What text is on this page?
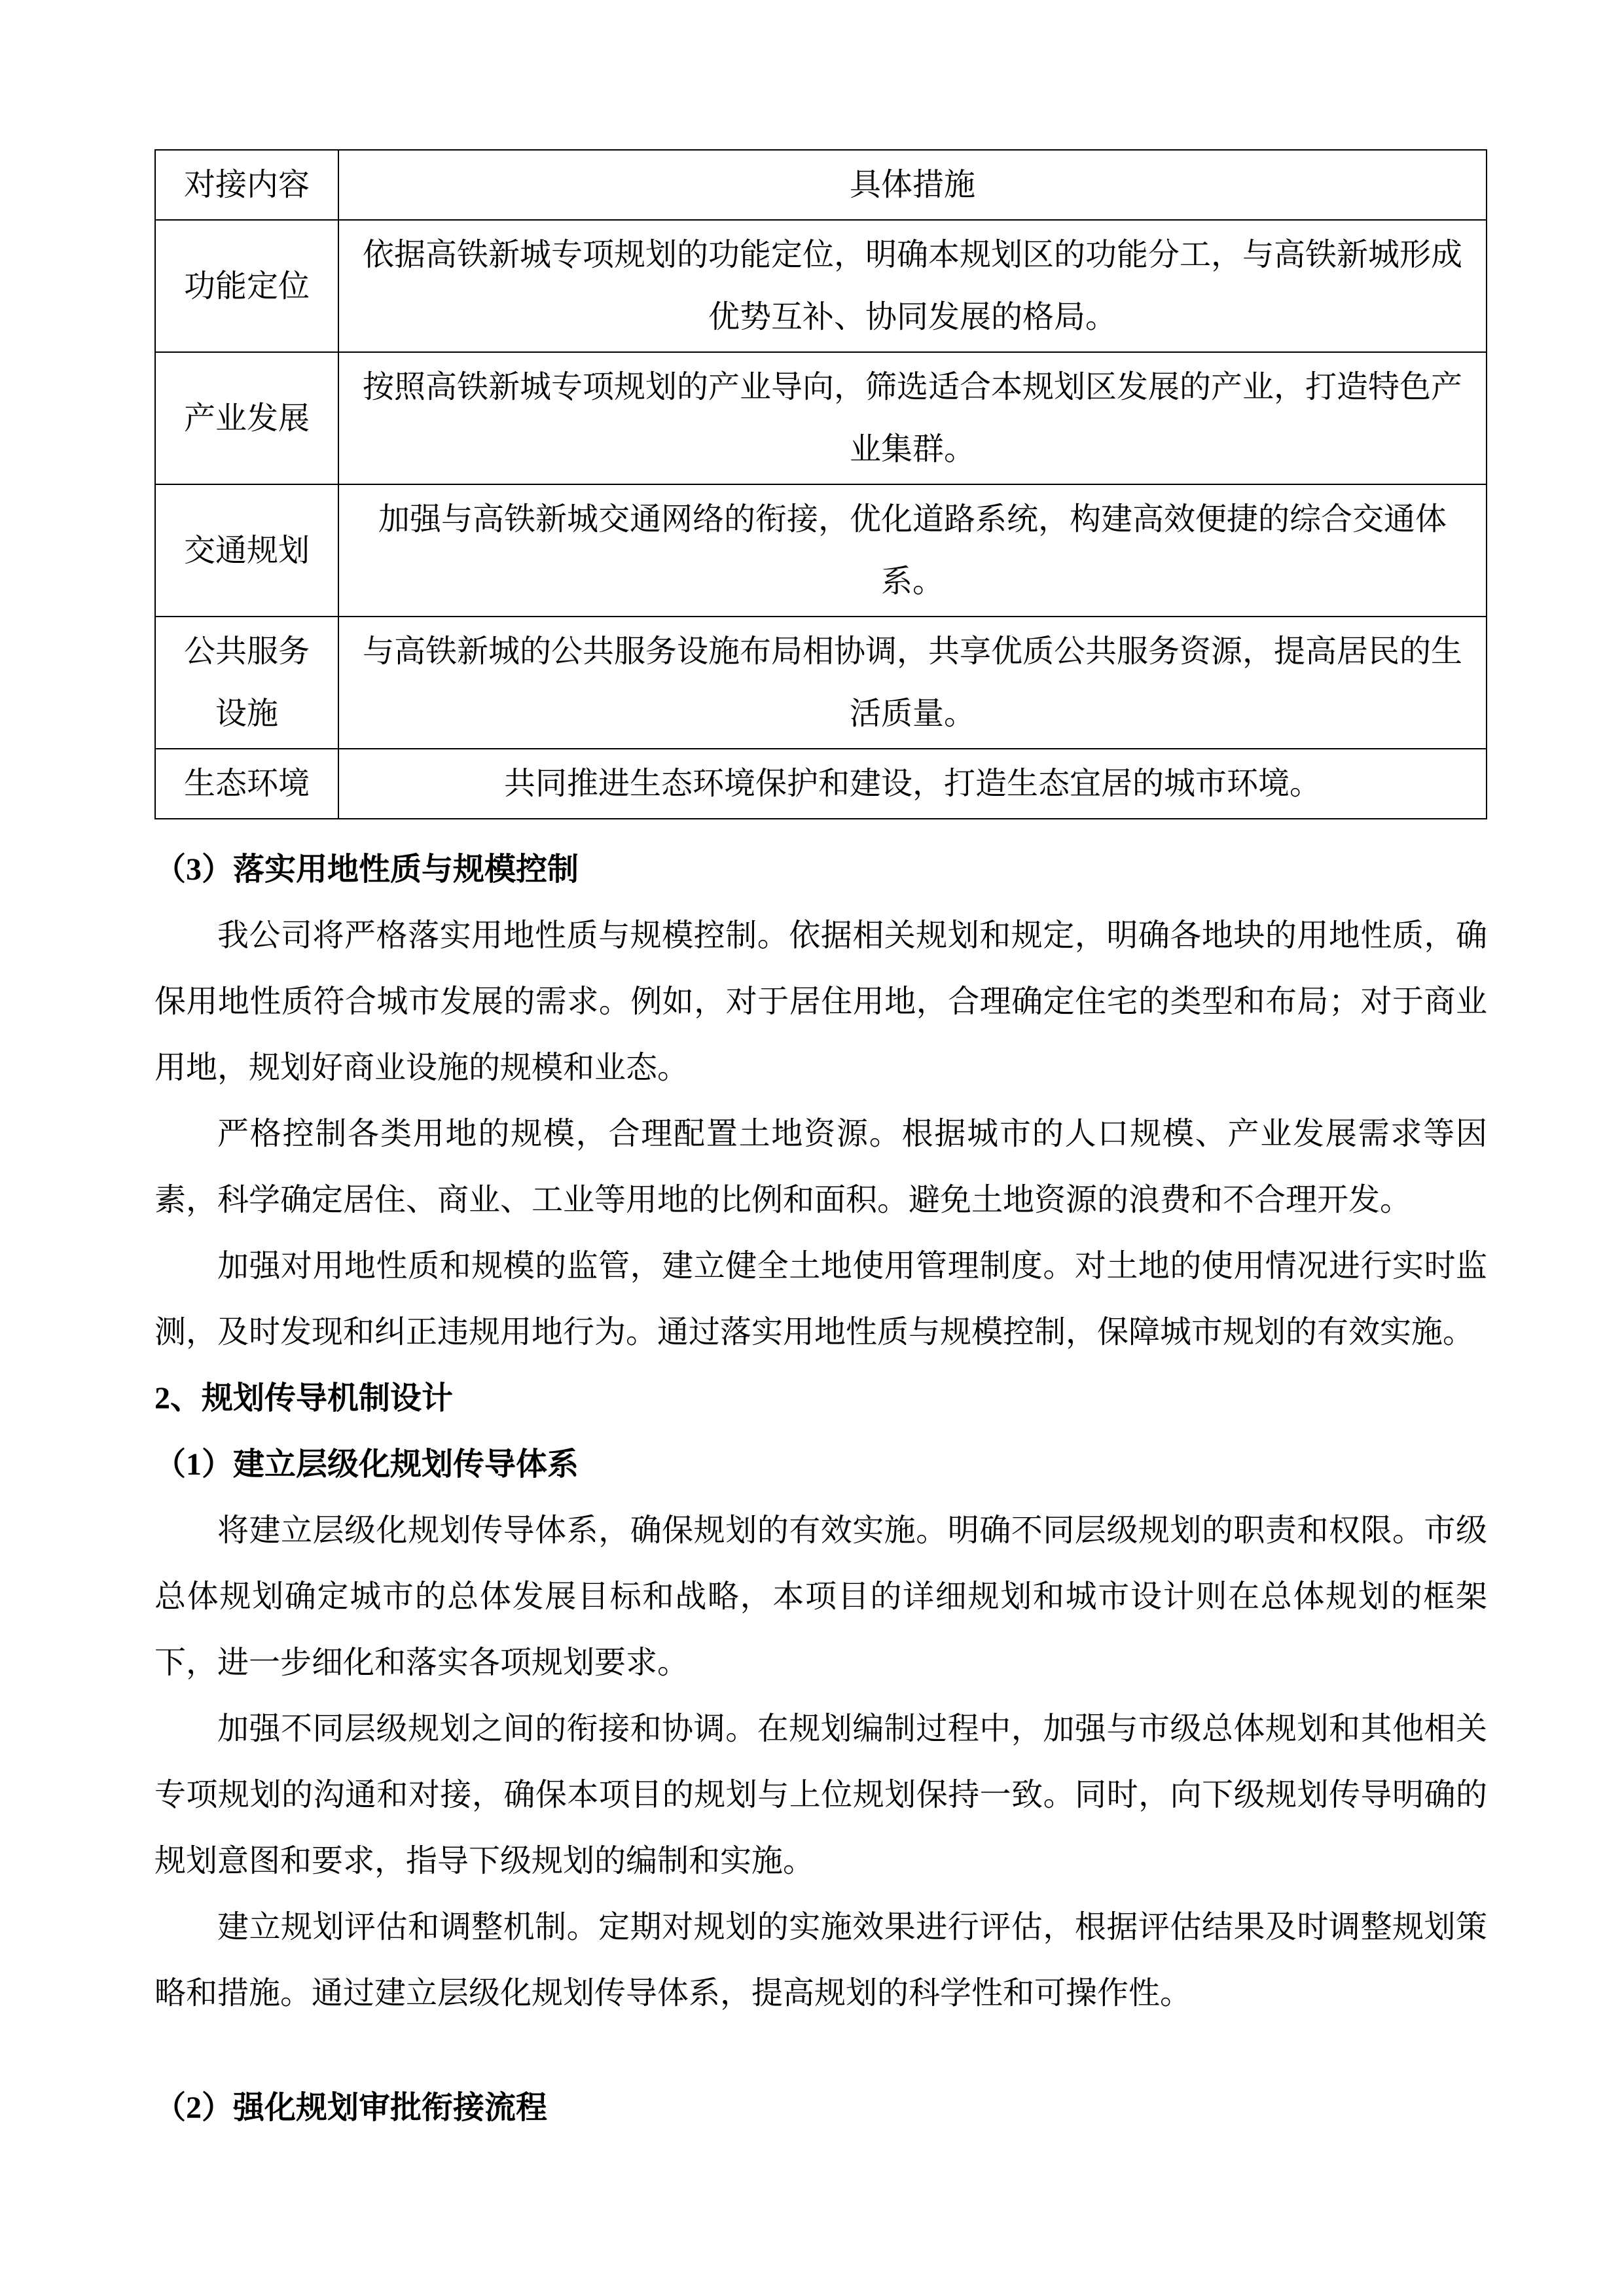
对接内容	具体措施
功能定位	依据高铁新城专项规划的功能定位，明确本规划区的功能分工，与高铁新城形成优势互补、协同发展的格局。
产业发展	按照高铁新城专项规划的产业导向，筛选适合本规划区发展的产业，打造特色产业集群。
交通规划	加强与高铁新城交通网络的衔接，优化道路系统，构建高效便捷的综合交通体系。
公共服务设施	与高铁新城的公共服务设施布局相协调，共享优质公共服务资源，提高居民的生活质量。
生态环境	共同推进生态环境保护和建设，打造生态宜居的城市环境。
（3）落实用地性质与规模控制

我公司将严格落实用地性质与规模控制。依据相关规划和规定，明确各地块的用地性质，确保用地性质符合城市发展的需求。例如，对于居住用地，合理确定住宅的类型和布局；对于商业用地，规划好商业设施的规模和业态。

严格控制各类用地的规模，合理配置土地资源。根据城市的人口规模、产业发展需求等因素，科学确定居住、商业、工业等用地的比例和面积。避免土地资源的浪费和不合理开发。

加强对用地性质和规模的监管，建立健全土地使用管理制度。对土地的使用情况进行实时监测，及时发现和纠正违规用地行为。通过落实用地性质与规模控制，保障城市规划的有效实施。

2、规划传导机制设计
（1）建立层级化规划传导体系

将建立层级化规划传导体系，确保规划的有效实施。明确不同层级规划的职责和权限。市级总体规划确定城市的总体发展目标和战略，本项目的详细规划和城市设计则在总体规划的框架下，进一步细化和落实各项规划要求。

加强不同层级规划之间的衔接和协调。在规划编制过程中，加强与市级总体规划和其他相关专项规划的沟通和对接，确保本项目的规划与上位规划保持一致。同时，向下级规划传导明确的规划意图和要求，指导下级规划的编制和实施。

建立规划评估和调整机制。定期对规划的实施效果进行评估，根据评估结果及时调整规划策略和措施。通过建立层级化规划传导体系，提高规划的科学性和可操作性。

（2）强化规划审批衔接流程
